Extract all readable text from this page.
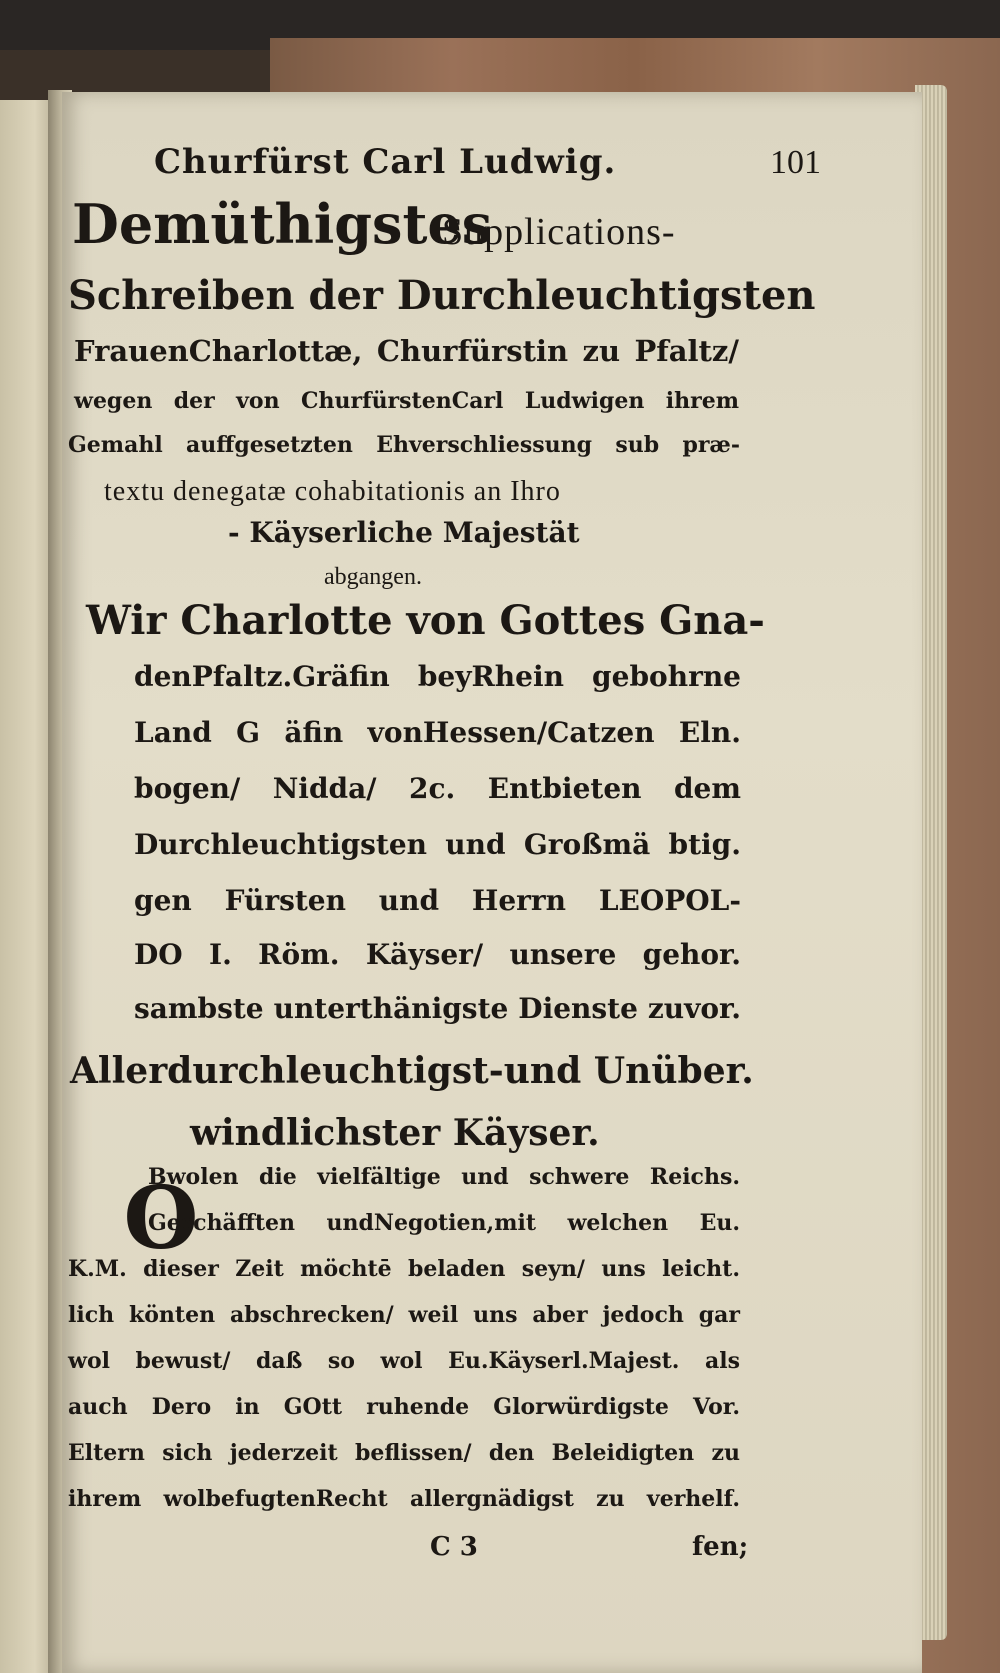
Churfürst Carl Ludwig.	101
Demüthigstes
Supplications-
Schreiben der Durchleuchtigsten
FrauenCharlottæ, Churfürstin zu Pfaltz/
wegen der von ChurfürstenCarl Ludwigen ihrem
Gemahl auffgesetzten Ehverschliessung sub præ-
textu denegatæ cohabitationis an Ihro
- Käyserliche Majestät
abgangen.
Wir Charlotte von Gottes Gna-
denPfaltz.Gräfin beyRhein gebohrne
Land G äfin vonHessen/Catzen Eln.
bogen/ Nidda/ 2c. Entbieten dem
Durchleuchtigsten und Großmä btig.
gen Fürsten und Herrn LEOPOL-
DO I. Röm. Käyser/ unsere gehor.
sambste unterthänigste Dienste zuvor.
Allerdurchleuchtigst-und Unüber.
windlichster Käyser.
O
Bwolen die vielfältige und schwere Reichs.
Geschäfften undNegotien,mit welchen Eu.
K.M. dieser Zeit möchtē beladen seyn/ uns leicht.
lich könten abschrecken/ weil uns aber jedoch gar
wol bewust/ daß so wol Eu.Käyserl.Majest. als
auch Dero in GOtt ruhende Glorwürdigste Vor.
Eltern sich jederzeit beflissen/ den Beleidigten zu
ihrem wolbefugtenRecht allergnädigst zu verhelf.
C 3	fen;
